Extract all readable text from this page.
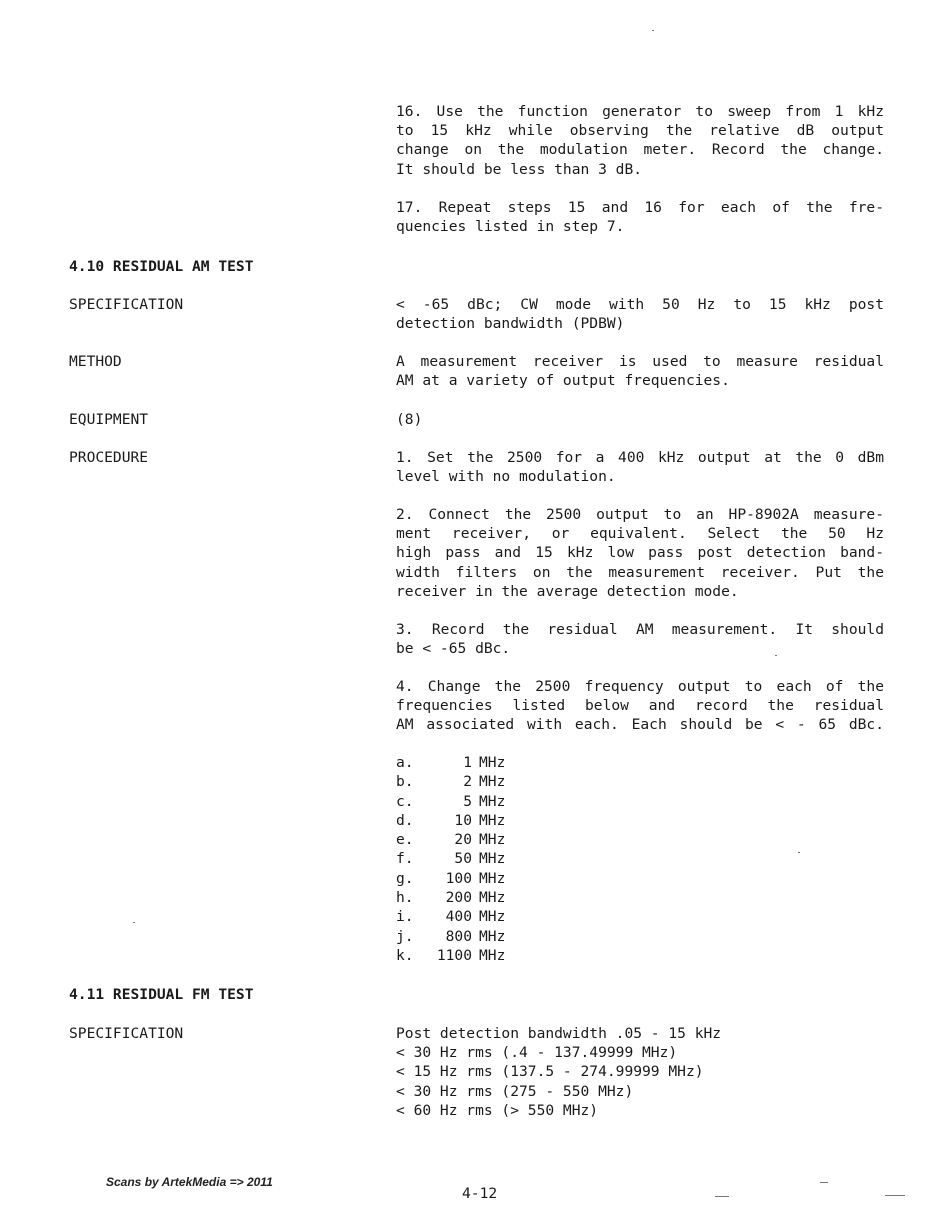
16. Use the function generator to sweep from 1 kHz
to 15 kHz while observing the relative dB output
change on the modulation meter. Record the change.
It should be less than 3 dB.
17. Repeat steps 15 and 16 for each of the fre-
quencies listed in step 7.
4.10 RESIDUAL AM TEST
SPECIFICATION	< -65 dBc; CW mode with 50 Hz to 15 kHz post
detection bandwidth (PDBW)
METHOD	A measurement receiver is used to measure residual
AM at a variety of output frequencies.
EQUIPMENT	(8)
PROCEDURE	1. Set the 2500 for a 400 kHz output at the 0 dBm
level with no modulation.
2. Connect the 2500 output to an HP-8902A measure-
ment receiver, or equivalent. Select the 50 Hz
high pass and 15 kHz low pass post detection band-
width filters on the measurement receiver. Put the
receiver in the average detection mode.
3. Record the residual AM measurement. It should
be < -65 dBc.
4. Change the 2500 frequency output to each of the
frequencies listed below and record the residual
AM associated with each. Each should be < - 65 dBc.
a.	1 MHz
b.	2 MHz
c.	5 MHz
d.	10 MHz
e.	20 MHz
f.	50 MHz
g. 100 MHz
h. 200 MHz
i. 400 MHz
j. 800 MHz
k. 1100 MHz
4.11 RESIDUAL FM TEST
SPECIFICATION	Post detection bandwidth .05 - 15 kHz
< 30 Hz rms (.4 - 137.49999 MHz)
< 15 Hz rms (137.5 - 274.99999 MHz)
< 30 Hz rms (275 - 550 MHz)
< 60 Hz rms (> 550 MHz)
Scans by ArtekMedia => 2011
4-12
